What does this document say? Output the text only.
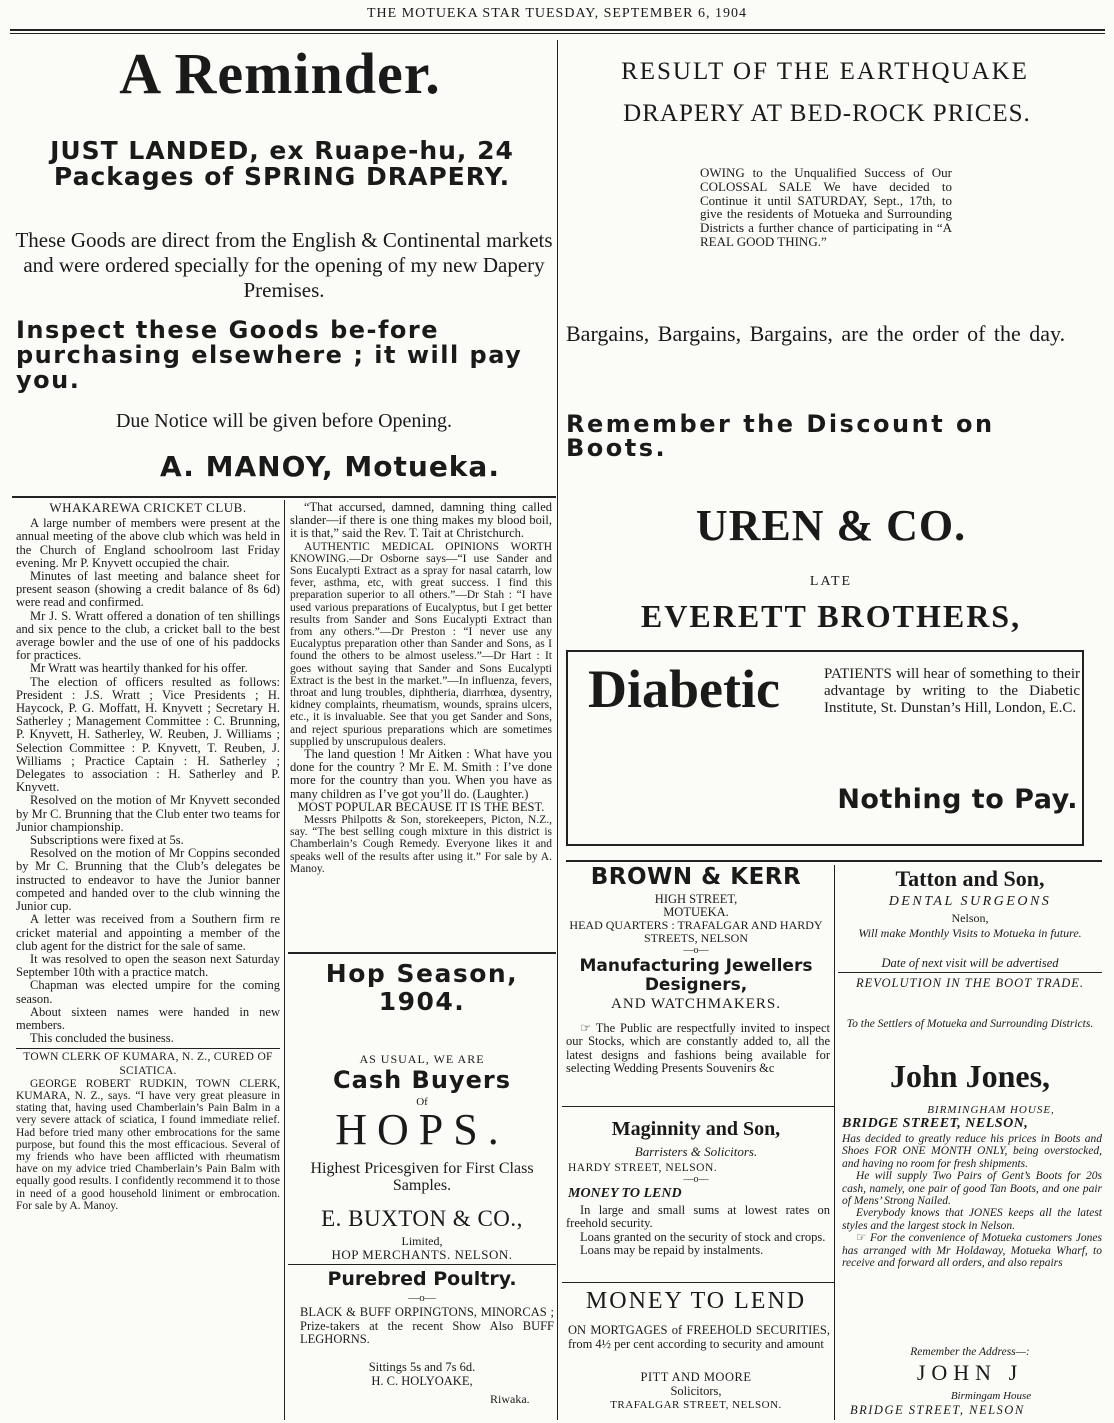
THE MOTUEKA STAR TUESDAY, SEPTEMBER 6, 1904
A Reminder.
JUST LANDED, ex Ruape-hu, 24 Packages of SPRING DRAPERY.
These Goods are direct from the English & Continental markets and were ordered specially for the opening of my new Dapery Premises.
Inspect these Goods be-fore purchasing elsewhere ; it will pay you.
Due Notice will be given before Opening.
A. MANOY, Motueka.
RESULT OF THE EARTHQUAKE
DRAPERY AT BED-ROCK PRICES.
OWING to the Unqualified Success of Our COLOSSAL SALE We have decided to Continue it until SATURDAY, Sept., 17th, to give the residents of Motueka and Surrounding Districts a further chance of participating in “A REAL GOOD THING.”
Bargains, Bargains, Bargains, are the order of the day.
Remember the Discount on Boots.
UREN & CO.
LATE
EVERETT BROTHERS,
Diabetic	PATIENTS will hear of something to their advantage by writing to the Diabetic Institute, St. Dunstan’s Hill, London, E.C.
Nothing to Pay.
WHAKAREWA CRICKET CLUB.

A large number of members were present at the annual meeting of the above club which was held in the Church of England schoolroom last Friday evening. Mr P. Knyvett occupied the chair.

Minutes of last meeting and balance sheet for present season (showing a credit balance of 8s 6d) were read and confirmed.

Mr J. S. Wratt offered a donation of ten shillings and six pence to the club, a cricket ball to the best average bowler and the use of one of his paddocks for practices.

Mr Wratt was heartily thanked for his offer.

The election of officers resulted as follows: President : J.S. Wratt ; Vice Presidents ; H. Haycock, P. G. Moffatt, H. Knyvett ; Secretary H. Satherley ; Management Committee : C. Brunning, P. Knyvett, H. Satherley, W. Reuben, J. Williams ; Selection Committee : P. Knyvett, T. Reuben, J. Williams ; Practice Captain : H. Satherley ; Delegates to association : H. Satherley and P. Knyvett.

Resolved on the motion of Mr Knyvett seconded by Mr C. Brunning that the Club enter two teams for Junior championship.

Subscriptions were fixed at 5s.

Resolved on the motion of Mr Coppins seconded by Mr C. Brunning that the Club’s delegates be instructed to endeavor to have the Junior banner competed and handed over to the club winning the Junior cup.

A letter was received from a Southern firm re cricket material and appointing a member of the club agent for the district for the sale of same.

It was resolved to open the season next Saturday September 10th with a practice match.

Chapman was elected umpire for the coming season.

About sixteen names were handed in new members.

This concluded the business.

TOWN CLERK OF KUMARA, N. Z., CURED OF SCIATICA.

GEORGE ROBERT RUDKIN, TOWN CLERK, KUMARA, N. Z., says. “I have very great pleasure in stating that, having used Chamberlain’s Pain Balm in a very severe attack of sciatica, I found immediate relief. Had before tried many other embrocations for the same purpose, but found this the most efficacious. Several of my friends who have been afflicted with rheumatism have on my advice tried Chamberlain’s Pain Balm with equally good results. I confidently recommend it to those in need of a good household liniment or embrocation. For sale by A. Manoy.

“That accursed, damned, damning thing called slander—if there is one thing makes my blood boil, it is that,” said the Rev. T. Tait at Christchurch.

AUTHENTIC MEDICAL OPINIONS WORTH KNOWING.—Dr Osborne says—“I use Sander and Sons Eucalypti Extract as a spray for nasal catarrh, low fever, asthma, etc, with great success. I find this preparation superior to all others.”—Dr Stah : “I have used various preparations of Eucalyptus, but I get better results from Sander and Sons Eucalypti Extract than from any others.”—Dr Preston : “I never use any Eucalyptus preparation other than Sander and Sons, as I found the others to be almost useless.”—Dr Hart : It goes without saying that Sander and Sons Eucalypti Extract is the best in the market.”—In influenza, fevers, throat and lung troubles, diphtheria, diarrhœa, dysentry, kidney complaints, rheumatism, wounds, sprains ulcers, etc., it is invaluable. See that you get Sander and Sons, and reject spurious preparations which are sometimes supplied by unscrupulous dealers.

The land question ! Mr Aitken : What have you done for the country ? Mr E. M. Smith : I’ve done more for the country than you. When you have as many children as I’ve got you’ll do. (Laughter.)

MOST POPULAR BECAUSE IT IS THE BEST.

Messrs Philpotts & Son, storekeepers, Picton, N.Z., say. “The best selling cough mixture in this district is Chamberlain’s Cough Remedy. Everyone likes it and speaks well of the results after using it.” For sale by A. Manoy.

Hop Season, 1904.
AS USUAL, WE ARE
Cash Buyers
Of
HOPS.
Highest Pricesgiven for First Class Samples.
E. BUXTON & CO.,
Limited,
HOP MERCHANTS. NELSON.
Purebred Poultry.
—o—
BLACK & BUFF ORPINGTONS, MINORCAS ; Prize-takers at the recent Show Also BUFF LEGHORNS.
Sittings 5s and 7s 6d.
H. C. HOLYOAKE,
Riwaka.
BROWN & KERR
HIGH STREET,
MOTUEKA.
HEAD QUARTERS : TRAFALGAR AND HARDY STREETS, NELSON
—o—
Manufacturing Jewellers Designers,
AND WATCHMAKERS.
☞ The Public are respectfully invited to inspect our Stocks, which are constantly added to, all the latest designs and fashions being available for selecting Wedding Presents Souvenirs &c
Maginnity and Son,
Barristers & Solicitors.
HARDY STREET, NELSON.
—o—
MONEY TO LEND

In large and small sums at lowest rates on freehold security.

Loans granted on the security of stock and crops.

Loans may be repaid by instalments.

MONEY TO LEND
ON MORTGAGES of FREEHOLD SECURITIES, from 4½ per cent according to security and amount
PITT AND MOORE
Solicitors,
TRAFALGAR STREET, NELSON.
Tatton and Son,
DENTAL SURGEONS
Nelson,
Will make Monthly Visits to Motueka in future.
Date of next visit will be advertised
REVOLUTION IN THE BOOT TRADE.
To the Settlers of Motueka and Surrounding Districts.
John Jones,
BIRMINGHAM HOUSE,
BRIDGE STREET, NELSON,

Has decided to greatly reduce his prices in Boots and Shoes FOR ONE MONTH ONLY, being overstocked, and having no room for fresh shipments.

He will supply Two Pairs of Gent’s Boots for 20s cash, namely, one pair of good Tan Boots, and one pair of Mens’ Strong Nailed.

Everybody knows that JONES keeps all the latest styles and the largest stock in Nelson.

☞ For the convenience of Motueka customers Jones has arranged with Mr Holdaway, Motueka Wharf, to receive and forward all orders, and also repairs

Remember the Address—:
JOHN J
Birmingam House
BRIDGE STREET, NELSON
